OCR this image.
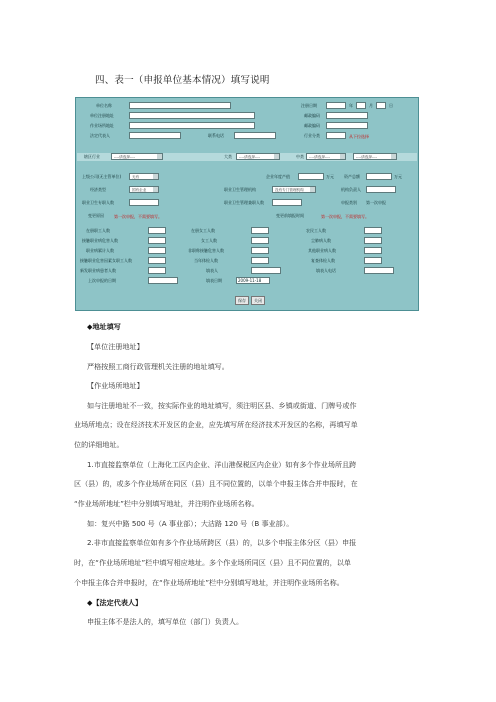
四、表一（申报单位基本情况）填写说明
单位名称	注册日期	年	月	日
单位注册地址	邮政编码
作业场所地址	邮政编码
法定代表人	联系电话	行业分类	从下拉选择
辖区行业	----请选择----	大类	----请选择----	中类	----请选择----	----请选择----
上级公司(无主管单位)	无有	企业年度产值	万元	资产总额	万元
经济类型	国有企业	职业卫生管理机构	没有专门管理机构	机构负责人
职业卫生专职人数	职业卫生管理兼职人数	申报类别 第一次申报
变更原因	第一次申报，不需要填写。	变更前填报时间	第一次申报，不需要填写。
在册职工人数	在册女工人数	农民工人数
接触职业病危害人数	女工人数	尘肺病人数
职业病累计人数	非职称接触危害人数	其他职业病人数
接触职业危害因素女职工人数	当年体检人数	复查体检人数
新发职业病患者人数	填表人	填表人电话
上次申报的日期	填表日期	2009-11-18
保存	关闭
◆地址填写
【单位注册地址】
严格按照工商行政管理机关注册的地址填写。
【作业场所地址】
如与注册地址不一致，按实际作业的地址填写，须注明区县、乡镇或街道、门牌号或作
业场所地点；设在经济技术开发区的企业，应先填写所在经济技术开发区的名称，再填写单
位的详细地址。
1.市直接监察单位（上海化工区内企业、洋山港保税区内企业）如有多个作业场所且跨
区（县）的，或多个作业场所在同区（县）且不同位置的，以单个申报主体合并申报时，在
“作业场所地址”栏中分别填写地址，并注明作业场所名称。
如：复兴中路 500 号（A 事业部）；大沽路 120 号（B 事业部）。
2.非市直接监察单位如有多个作业场所跨区（县）的，以多个申报主体分区（县）申报
时，在“作业场所地址”栏中填写相应地址。多个作业场所同区（县）且不同位置的，以单
个申报主体合并申报时，在“作业场所地址”栏中分别填写地址，并注明作业场所名称。
◆【法定代表人】
申报主体不是法人的，填写单位（部门）负责人。
